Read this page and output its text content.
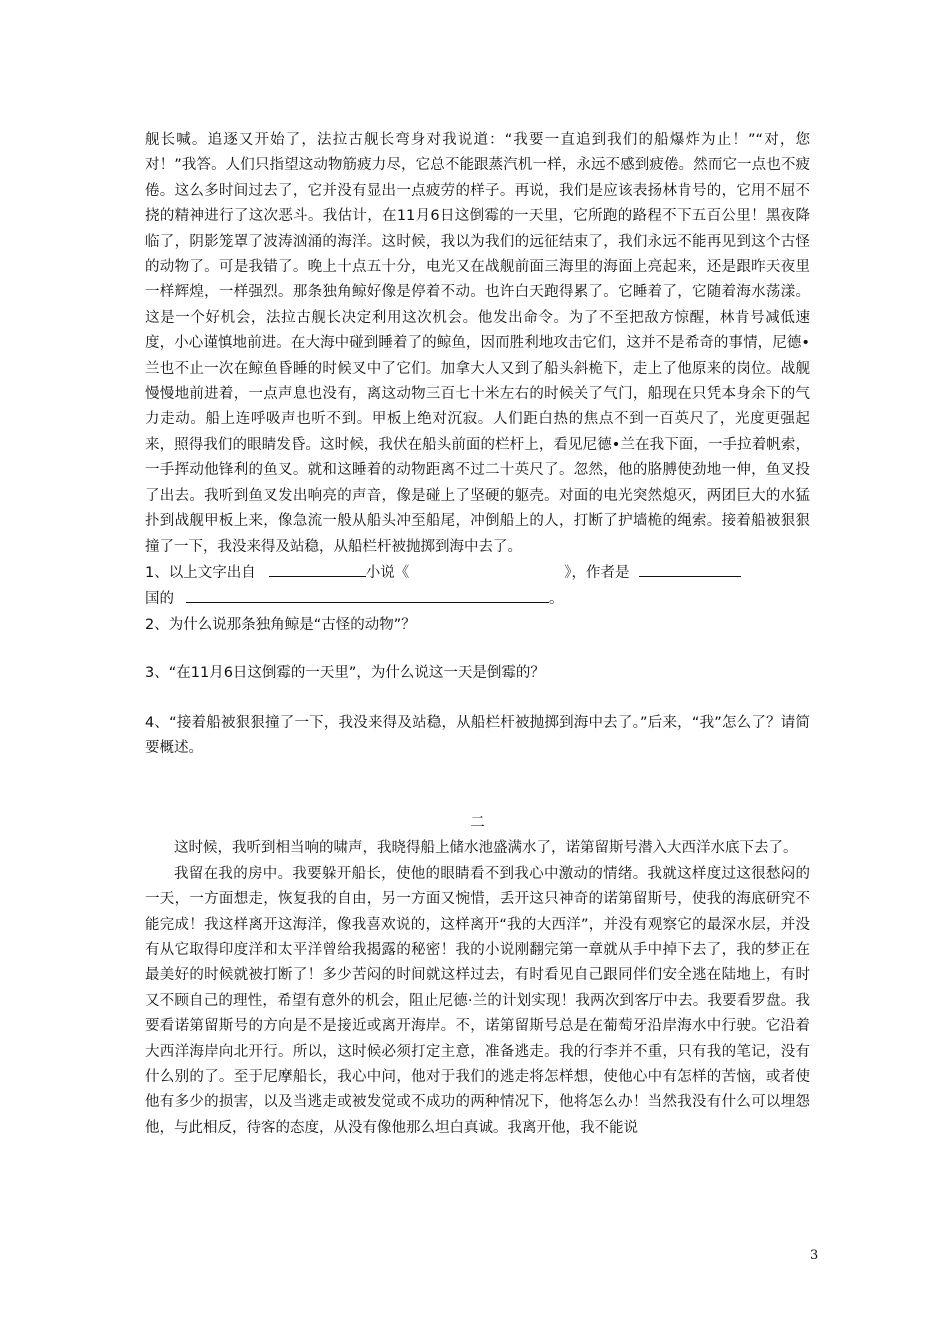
舰长喊。追逐又开始了，法拉古舰长弯身对我说道：“我要一直追到我们的船爆炸为止！”“对，您对！”我答。人们只指望这动物筋疲力尽，它总不能跟蒸汽机一样，永远不感到疲倦。然而它一点也不疲倦。这么多时间过去了，它并没有显出一点疲劳的样子。再说，我们是应该表扬林肯号的，它用不屈不挠的精神进行了这次恶斗。我估计，在11月6日这倒霉的一天里，它所跑的路程不下五百公里！黑夜降临了，阴影笼罩了波涛汹涌的海洋。这时候，我以为我们的远征结束了，我们永远不能再见到这个古怪的动物了。可是我错了。晚上十点五十分，电光又在战舰前面三海里的海面上亮起来，还是跟昨天夜里一样辉煌，一样强烈。那条独角鲸好像是停着不动。也许白天跑得累了。它睡着了，它随着海水荡漾。这是一个好机会，法拉古舰长决定利用这次机会。他发出命令。为了不至把敌方惊醒，林肯号减低速度，小心谨慎地前进。在大海中碰到睡着了的鲸鱼，因而胜利地攻击它们，这并不是希奇的事情，尼德•兰也不止一次在鲸鱼昏睡的时候叉中了它们。加拿大人又到了船头斜桅下，走上了他原来的岗位。战舰慢慢地前进着，一点声息也没有，离这动物三百七十米左右的时候关了气门，船现在只凭本身余下的气力走动。船上连呼吸声也听不到。甲板上绝对沉寂。人们距白热的焦点不到一百英尺了，光度更强起来，照得我们的眼睛发昏。这时候，我伏在船头前面的栏杆上，看见尼德•兰在我下面，一手拉着帆索，一手挥动他锋利的鱼叉。就和这睡着的动物距离不过二十英尺了。忽然，他的胳膊使劲地一伸，鱼叉投了出去。我听到鱼叉发出响亮的声音，像是碰上了坚硬的躯壳。对面的电光突然熄灭，两团巨大的水猛扑到战舰甲板上来，像急流一般从船头冲至船尾，冲倒船上的人，打断了护墙桅的绳索。接着船被狠狠撞了一下，我没来得及站稳，从船栏杆被抛掷到海中去了。

1、以上文字出自	小说《	》，作者是
国的	。

2、为什么说那条独角鲸是“古怪的动物”？

3、“在11月6日这倒霉的一天里”，为什么说这一天是倒霉的？

4、“接着船被狠狠撞了一下，我没来得及站稳，从船栏杆被抛掷到海中去了。”后来，“我”怎么了？请简要概述。

二

这时候，我听到相当响的啸声，我晓得船上储水池盛满水了，诺第留斯号潜入大西洋水底下去了。

我留在我的房中。我要躲开船长，使他的眼睛看不到我心中激动的情绪。我就这样度过这很愁闷的一天，一方面想走，恢复我的自由，另一方面又惋惜，丢开这只神奇的诺第留斯号，使我的海底研究不能完成！我这样离开这海洋，像我喜欢说的，这样离开“我的大西洋”，并没有观察它的最深水层，并没有从它取得印度洋和太平洋曾给我揭露的秘密！我的小说刚翻完第一章就从手中掉下去了，我的梦正在最美好的时候就被打断了！多少苦闷的时间就这样过去，有时看见自己跟同伴们安全逃在陆地上，有时又不顾自己的理性，希望有意外的机会，阻止尼德·兰的计划实现！我两次到客厅中去。我要看罗盘。我要看诺第留斯号的方向是不是接近或离开海岸。不，诺第留斯号总是在葡萄牙沿岸海水中行驶。它沿着大西洋海岸向北开行。所以，这时候必须打定主意，准备逃走。我的行李并不重，只有我的笔记，没有什么别的了。至于尼摩船长，我心中问，他对于我们的逃走将怎样想，使他心中有怎样的苦恼，或者使他有多少的损害，以及当逃走或被发觉或不成功的两种情况下，他将怎么办！当然我没有什么可以埋怨他，与此相反，待客的态度，从没有像他那么坦白真诚。我离开他，我不能说

3
